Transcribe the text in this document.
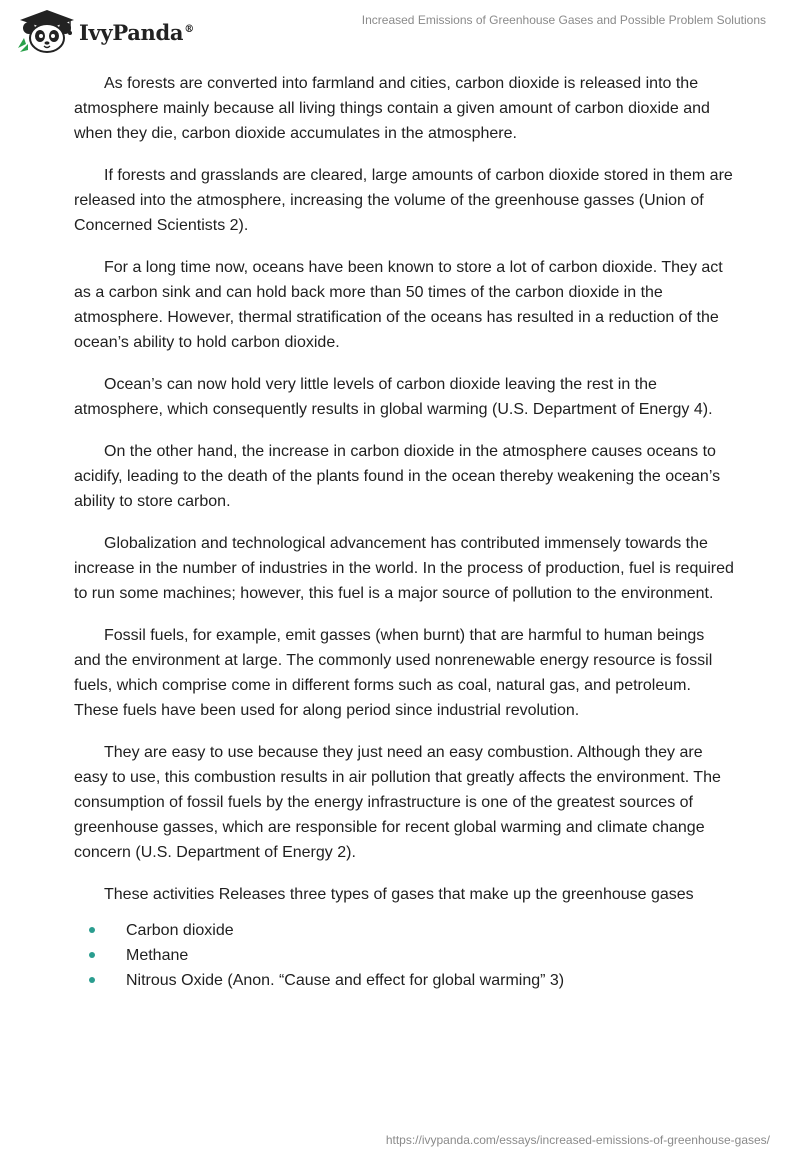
IvyPanda®
Increased Emissions of Greenhouse Gases and Possible Problem Solutions

As forests are converted into farmland and cities, carbon dioxide is released into the atmosphere mainly because all living things contain a given amount of carbon dioxide and when they die, carbon dioxide accumulates in the atmosphere.

If forests and grasslands are cleared, large amounts of carbon dioxide stored in them are released into the atmosphere, increasing the volume of the greenhouse gasses (Union of Concerned Scientists 2).

For a long time now, oceans have been known to store a lot of carbon dioxide. They act as a carbon sink and can hold back more than 50 times of the carbon dioxide in the atmosphere. However, thermal stratification of the oceans has resulted in a reduction of the ocean’s ability to hold carbon dioxide.

Ocean’s can now hold very little levels of carbon dioxide leaving the rest in the atmosphere, which consequently results in global warming (U.S. Department of Energy 4).

On the other hand, the increase in carbon dioxide in the atmosphere causes oceans to acidify, leading to the death of the plants found in the ocean thereby weakening the ocean’s ability to store carbon.

Globalization and technological advancement has contributed immensely towards the increase in the number of industries in the world. In the process of production, fuel is required to run some machines; however, this fuel is a major source of pollution to the environment.

Fossil fuels, for example, emit gasses (when burnt) that are harmful to human beings and the environment at large. The commonly used nonrenewable energy resource is fossil fuels, which comprise come in different forms such as coal, natural gas, and petroleum. These fuels have been used for along period since industrial revolution.

They are easy to use because they just need an easy combustion. Although they are easy to use, this combustion results in air pollution that greatly affects the environment. The consumption of fossil fuels by the energy infrastructure is one of the greatest sources of greenhouse gasses, which are responsible for recent global warming and climate change concern (U.S. Department of Energy 2).

These activities Releases three types of gases that make up the greenhouse gases

Carbon dioxide
Methane
Nitrous Oxide (Anon. “Cause and effect for global warming” 3)
https://ivypanda.com/essays/increased-emissions-of-greenhouse-gases/
